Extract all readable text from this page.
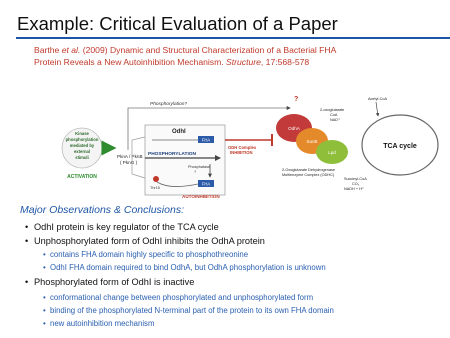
Example: Critical Evaluation of a Paper
Barthe et al. (2009) Dynamic and Structural Characterization of a Bacterial FHA
Protein Reveals a New Autoinhibition Mechanism. Structure, 17:568-578
Kinase
phosphorylation
mediated by
external
stimuli
ACTIVATION
PknA / PknB
( PknG )
Phosphorylation?
?
OdhI
FHA
PHOSPHORYLATION
Phosphatase
?
Thr15
FHA
AUTOINHIBITION
ODH Complex
INHIBITION
OdhA
SucB
Lpd
2-Oxoglutarate Dehydrogenase
Multienzyme Complex (ODHC)
2-oxoglutarate
CoA
NAD⁺
Acetyl-CoA
TCA cycle
Succinyl-CoA
CO₂
NADH + H⁺
Major Observations & Conclusions:
• OdhI protein is key regulator of the TCA cycle
• Unphosphorylated form of OdhI inhibits the OdhA protein
• contains FHA domain highly specific to phosphothreonine
• OdhI FHA domain required to bind OdhA, but OdhA phosphorylation is unknown
• Phosphorylated form of OdhI is inactive
• conformational change between phosphorylated and unphosphorylated form
• binding of the phosphorylated N-terminal part of the protein to its own FHA domain
• new autoinhibition mechanism
